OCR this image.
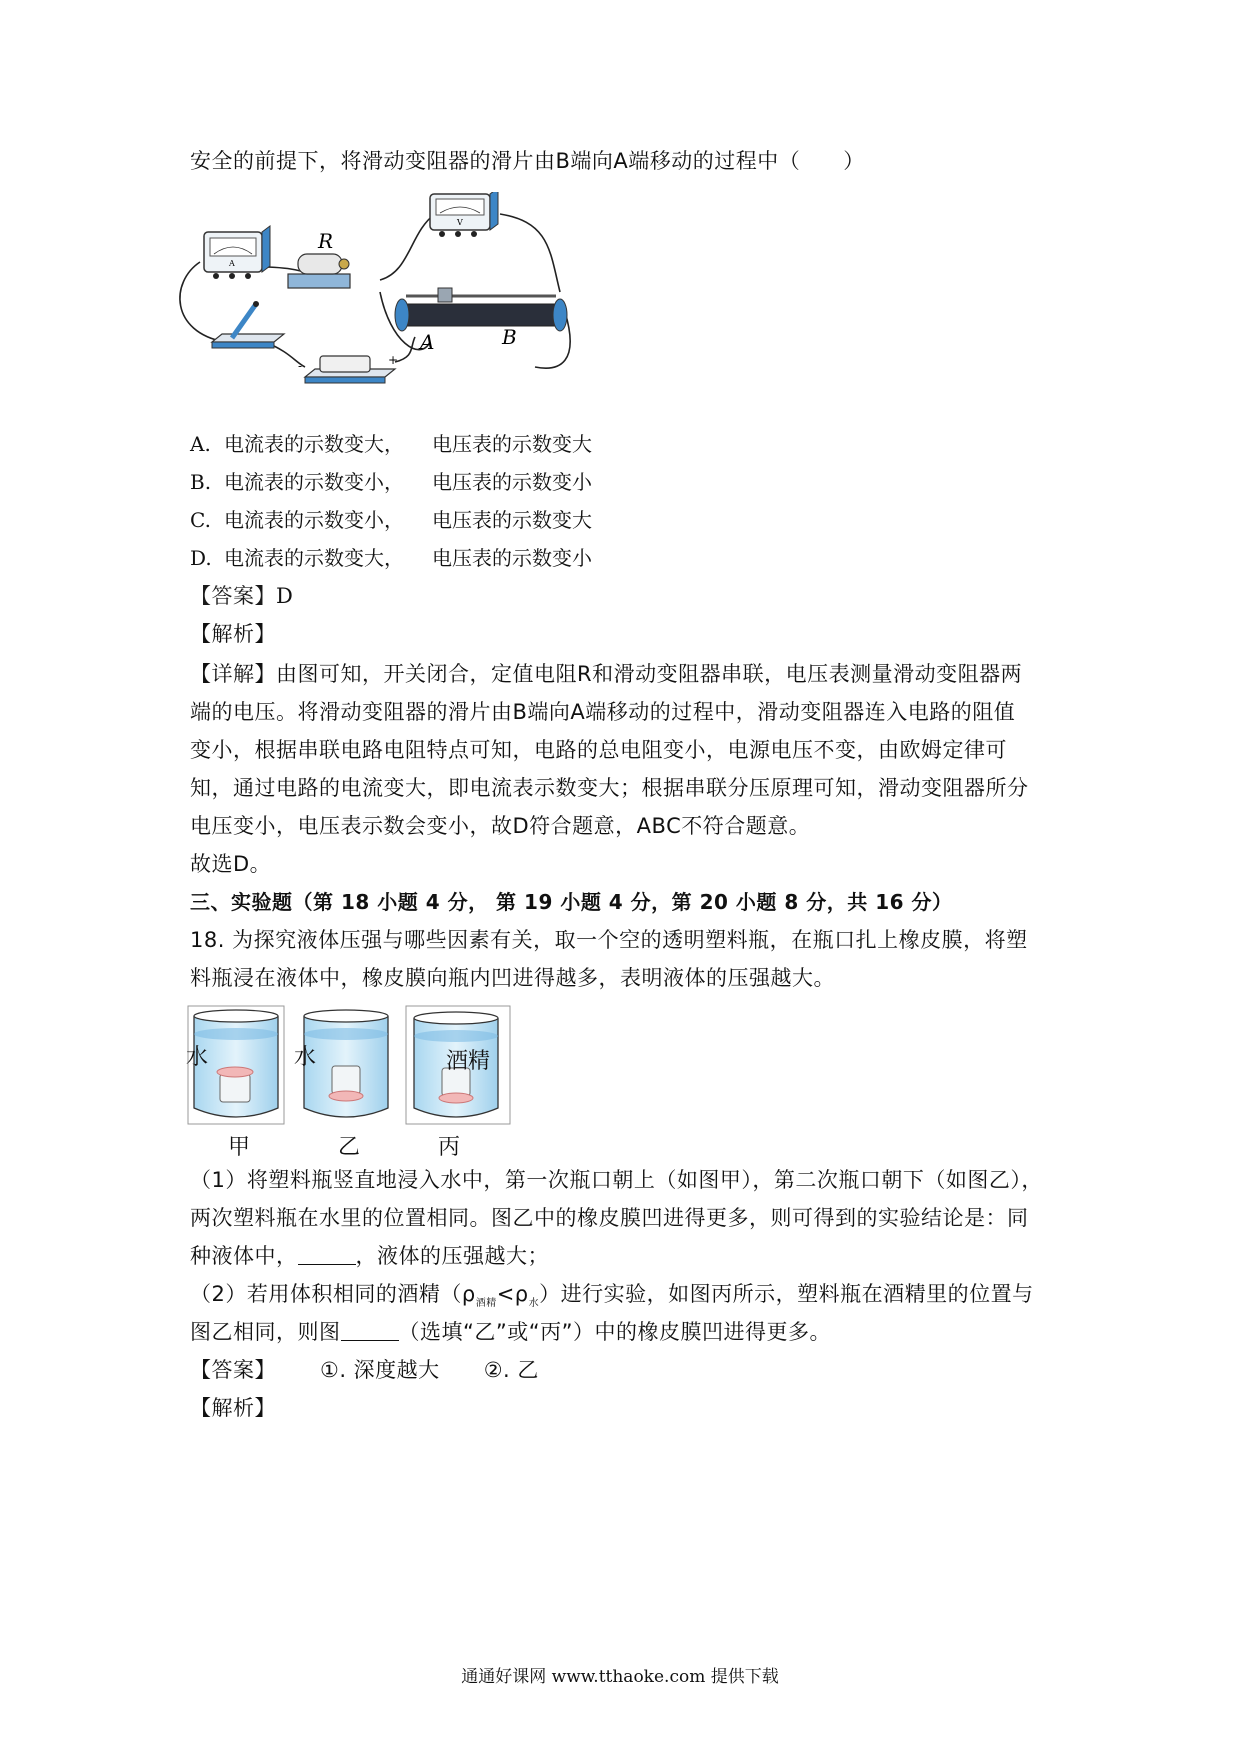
安全的前提下，将滑动变阻器的滑片由B端向A端移动的过程中（　　）
A
R
V
A	B
-	+
A. 电流表的示数变大， 电压表的示数变大
B. 电流表的示数变小， 电压表的示数变小
C. 电流表的示数变小， 电压表的示数变大
D. 电流表的示数变大， 电压表的示数变小
【答案】D
【解析】
【详解】由图可知，开关闭合，定值电阻R和滑动变阻器串联，电压表测量滑动变阻器两
端的电压。将滑动变阻器的滑片由B端向A端移动的过程中，滑动变阻器连入电路的阻值
变小，根据串联电路电阻特点可知，电路的总电阻变小，电源电压不变，由欧姆定律可
知，通过电路的电流变大，即电流表示数变大；根据串联分压原理可知，滑动变阻器所分
电压变小，电压表示数会变小，故D符合题意，ABC不符合题意。
故选D。
三、实验题（第 18 小题 4 分， 第 19 小题 4 分，第 20 小题 8 分，共 16 分）
18. 为探究液体压强与哪些因素有关，取一个空的透明塑料瓶，在瓶口扎上橡皮膜，将塑
料瓶浸在液体中，橡皮膜向瓶内凹进得越多，表明液体的压强越大。
水	水	酒精
甲	乙	丙
（1）将塑料瓶竖直地浸入水中，第一次瓶口朝上（如图甲），第二次瓶口朝下（如图乙），
两次塑料瓶在水里的位置相同。图乙中的橡皮膜凹进得更多，则可得到的实验结论是：同
种液体中，	，液体的压强越大；
（2）若用体积相同的酒精$(\rho_{酒精}<\rho_水)$进行实验，如图丙所示，塑料瓶在酒精里的位置与
图乙相同，则图	（选填“乙”或“丙”）中的橡皮膜凹进得更多。
【答案】 ①. 深度越大 ②. 乙
【解析】
通通好课网 www.tthaoke.com 提供下载
